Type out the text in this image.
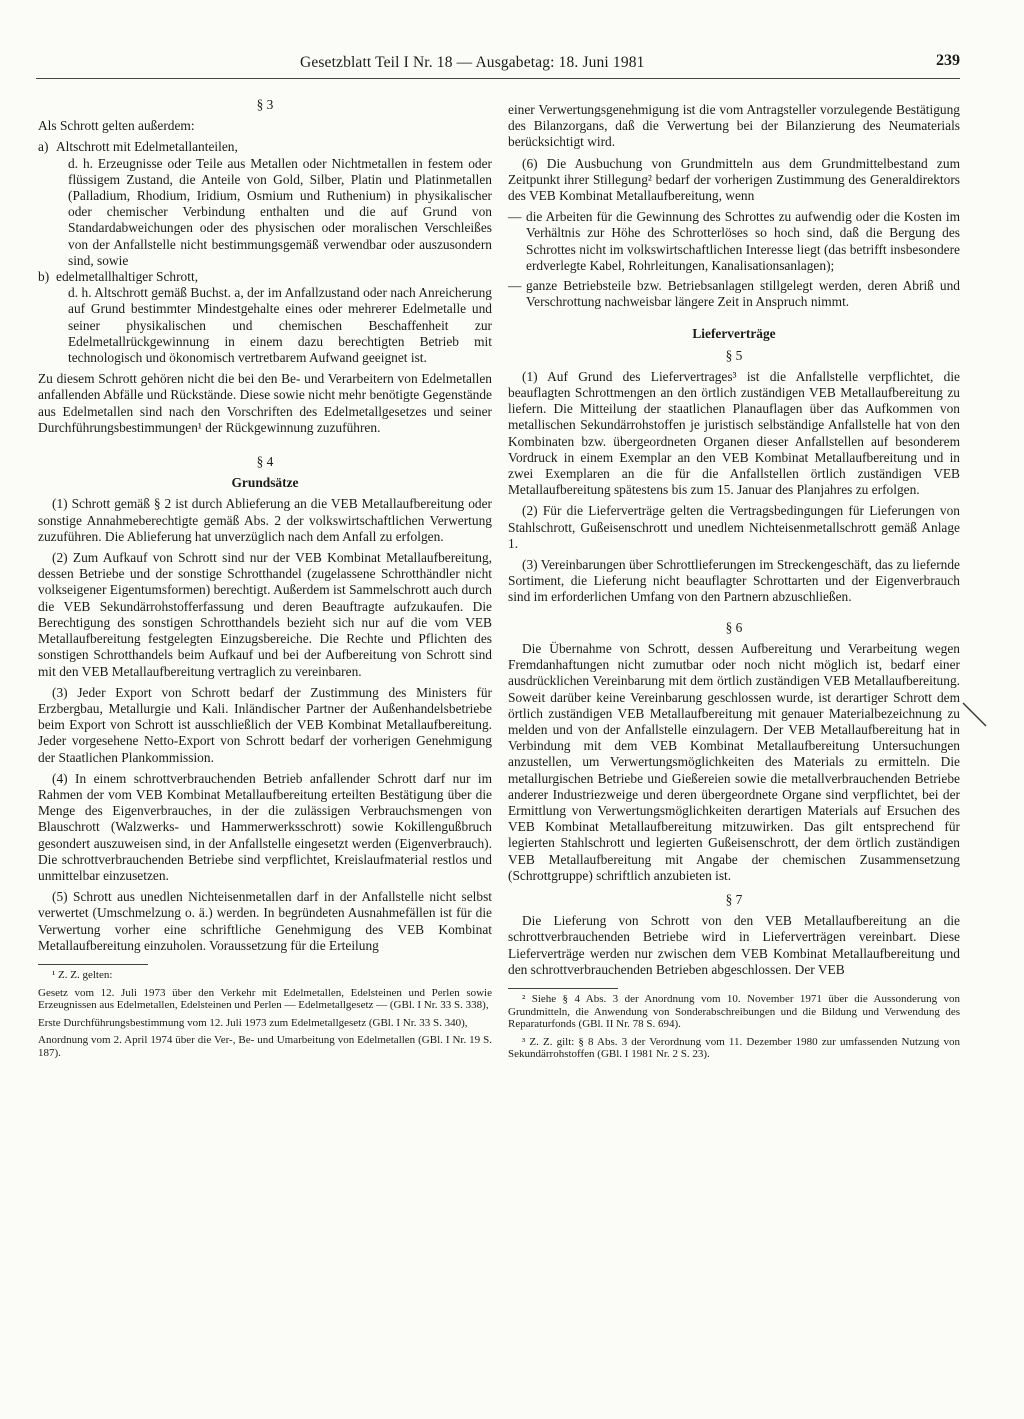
Gesetzblatt Teil I Nr. 18 — Ausgabetag: 18. Juni 1981	239

§ 3

Als Schrott gelten außerdem:

a) Altschrott mit Edelmetallanteilen,
d. h. Erzeugnisse oder Teile aus Metallen oder Nichtmetallen in festem oder flüssigem Zustand, die Anteile von Gold, Silber, Platin und Platinmetallen (Palladium, Rhodium, Iridium, Osmium und Ruthenium) in physikalischer oder chemischer Verbindung enthalten und die auf Grund von Standardabweichungen oder des physischen oder moralischen Verschleißes von der Anfallstelle nicht bestimmungsgemäß verwendbar oder auszusondern sind, sowie
b) edelmetallhaltiger Schrott,
d. h. Altschrott gemäß Buchst. a, der im Anfallzustand oder nach Anreicherung auf Grund bestimmter Mindestgehalte eines oder mehrerer Edelmetalle und seiner physikalischen und chemischen Beschaffenheit zur Edelmetallrückgewinnung in einem dazu berechtigten Betrieb mit technologisch und ökonomisch vertretbarem Aufwand geeignet ist.

Zu diesem Schrott gehören nicht die bei den Be- und Verarbeitern von Edelmetallen anfallenden Abfälle und Rückstände. Diese sowie nicht mehr benötigte Gegenstände aus Edelmetallen sind nach den Vorschriften des Edelmetallgesetzes und seiner Durchführungsbestimmungen¹ der Rückgewinnung zuzuführen.

§ 4

Grundsätze

(1) Schrott gemäß § 2 ist durch Ablieferung an die VEB Metallaufbereitung oder sonstige Annahmeberechtigte gemäß Abs. 2 der volkswirtschaftlichen Verwertung zuzuführen. Die Ablieferung hat unverzüglich nach dem Anfall zu erfolgen.

(2) Zum Aufkauf von Schrott sind nur der VEB Kombinat Metallaufbereitung, dessen Betriebe und der sonstige Schrotthandel (zugelassene Schrotthändler nicht volkseigener Eigentumsformen) berechtigt. Außerdem ist Sammelschrott auch durch die VEB Sekundärrohstofferfassung und deren Beauftragte aufzukaufen. Die Berechtigung des sonstigen Schrotthandels bezieht sich nur auf die vom VEB Metallaufbereitung festgelegten Einzugsbereiche. Die Rechte und Pflichten des sonstigen Schrotthandels beim Aufkauf und bei der Aufbereitung von Schrott sind mit den VEB Metallaufbereitung vertraglich zu vereinbaren.

(3) Jeder Export von Schrott bedarf der Zustimmung des Ministers für Erzbergbau, Metallurgie und Kali. Inländischer Partner der Außenhandelsbetriebe beim Export von Schrott ist ausschließlich der VEB Kombinat Metallaufbereitung. Jeder vorgesehene Netto-Export von Schrott bedarf der vorherigen Genehmigung der Staatlichen Plankommission.

(4) In einem schrottverbrauchenden Betrieb anfallender Schrott darf nur im Rahmen der vom VEB Kombinat Metallaufbereitung erteilten Bestätigung über die Menge des Eigenverbrauches, in der die zulässigen Verbrauchsmengen von Blauschrott (Walzwerks- und Hammerwerksschrott) sowie Kokillengußbruch gesondert auszuweisen sind, in der Anfallstelle eingesetzt werden (Eigenverbrauch). Die schrottverbrauchenden Betriebe sind verpflichtet, Kreislaufmaterial restlos und unmittelbar einzusetzen.

(5) Schrott aus unedlen Nichteisenmetallen darf in der Anfallstelle nicht selbst verwertet (Umschmelzung o. ä.) werden. In begründeten Ausnahmefällen ist für die Verwertung vorher eine schriftliche Genehmigung des VEB Kombinat Metallaufbereitung einzuholen. Voraussetzung für die Erteilung

¹ Z. Z. gelten:

Gesetz vom 12. Juli 1973 über den Verkehr mit Edelmetallen, Edelsteinen und Perlen sowie Erzeugnissen aus Edelmetallen, Edelsteinen und Perlen — Edelmetallgesetz — (GBl. I Nr. 33 S. 338),

Erste Durchführungsbestimmung vom 12. Juli 1973 zum Edelmetallgesetz (GBl. I Nr. 33 S. 340),

Anordnung vom 2. April 1974 über die Ver-, Be- und Umarbeitung von Edelmetallen (GBl. I Nr. 19 S. 187).

einer Verwertungsgenehmigung ist die vom Antragsteller vorzulegende Bestätigung des Bilanzorgans, daß die Verwertung bei der Bilanzierung des Neumaterials berücksichtigt wird.

(6) Die Ausbuchung von Grundmitteln aus dem Grundmittelbestand zum Zeitpunkt ihrer Stillegung² bedarf der vorherigen Zustimmung des Generaldirektors des VEB Kombinat Metallaufbereitung, wenn

— die Arbeiten für die Gewinnung des Schrottes zu aufwendig oder die Kosten im Verhältnis zur Höhe des Schrotterlöses so hoch sind, daß die Bergung des Schrottes nicht im volkswirtschaftlichen Interesse liegt (das betrifft insbesondere erdverlegte Kabel, Rohrleitungen, Kanalisationsanlagen);
— ganze Betriebsteile bzw. Betriebsanlagen stillgelegt werden, deren Abriß und Verschrottung nachweisbar längere Zeit in Anspruch nimmt.

Lieferverträge

§ 5

(1) Auf Grund des Liefervertrages³ ist die Anfallstelle verpflichtet, die beauflagten Schrottmengen an den örtlich zuständigen VEB Metallaufbereitung zu liefern. Die Mitteilung der staatlichen Planauflagen über das Aufkommen von metallischen Sekundärrohstoffen je juristisch selbständige Anfallstelle hat von den Kombinaten bzw. übergeordneten Organen dieser Anfallstellen auf besonderem Vordruck in einem Exemplar an den VEB Kombinat Metallaufbereitung und in zwei Exemplaren an die für die Anfallstellen örtlich zuständigen VEB Metallaufbereitung spätestens bis zum 15. Januar des Planjahres zu erfolgen.

(2) Für die Lieferverträge gelten die Vertragsbedingungen für Lieferungen von Stahlschrott, Gußeisenschrott und unedlem Nichteisenmetallschrott gemäß Anlage 1.

(3) Vereinbarungen über Schrottlieferungen im Streckengeschäft, das zu liefernde Sortiment, die Lieferung nicht beauflagter Schrottarten und der Eigenverbrauch sind im erforderlichen Umfang von den Partnern abzuschließen.

§ 6

Die Übernahme von Schrott, dessen Aufbereitung und Verarbeitung wegen Fremdanhaftungen nicht zumutbar oder noch nicht möglich ist, bedarf einer ausdrücklichen Vereinbarung mit dem örtlich zuständigen VEB Metallaufbereitung. Soweit darüber keine Vereinbarung geschlossen wurde, ist derartiger Schrott dem örtlich zuständigen VEB Metallaufbereitung mit genauer Materialbezeichnung zu melden und von der Anfallstelle einzulagern. Der VEB Metallaufbereitung hat in Verbindung mit dem VEB Kombinat Metallaufbereitung Untersuchungen anzustellen, um Verwertungsmöglichkeiten des Materials zu ermitteln. Die metallurgischen Betriebe und Gießereien sowie die metallverbrauchenden Betriebe anderer Industriezweige und deren übergeordnete Organe sind verpflichtet, bei der Ermittlung von Verwertungsmöglichkeiten derartigen Materials auf Ersuchen des VEB Kombinat Metallaufbereitung mitzuwirken. Das gilt entsprechend für legierten Stahlschrott und legierten Gußeisenschrott, der dem örtlich zuständigen VEB Metallaufbereitung mit Angabe der chemischen Zusammensetzung (Schrottgruppe) schriftlich anzubieten ist.

§ 7

Die Lieferung von Schrott von den VEB Metallaufbereitung an die schrottverbrauchenden Betriebe wird in Lieferverträgen vereinbart. Diese Lieferverträge werden nur zwischen dem VEB Kombinat Metallaufbereitung und den schrottverbrauchenden Betrieben abgeschlossen. Der VEB

² Siehe § 4 Abs. 3 der Anordnung vom 10. November 1971 über die Aussonderung von Grundmitteln, die Anwendung von Sonderabschreibungen und die Bildung und Verwendung des Reparaturfonds (GBl. II Nr. 78 S. 694).

³ Z. Z. gilt: § 8 Abs. 3 der Verordnung vom 11. Dezember 1980 zur umfassenden Nutzung von Sekundärrohstoffen (GBl. I 1981 Nr. 2 S. 23).
